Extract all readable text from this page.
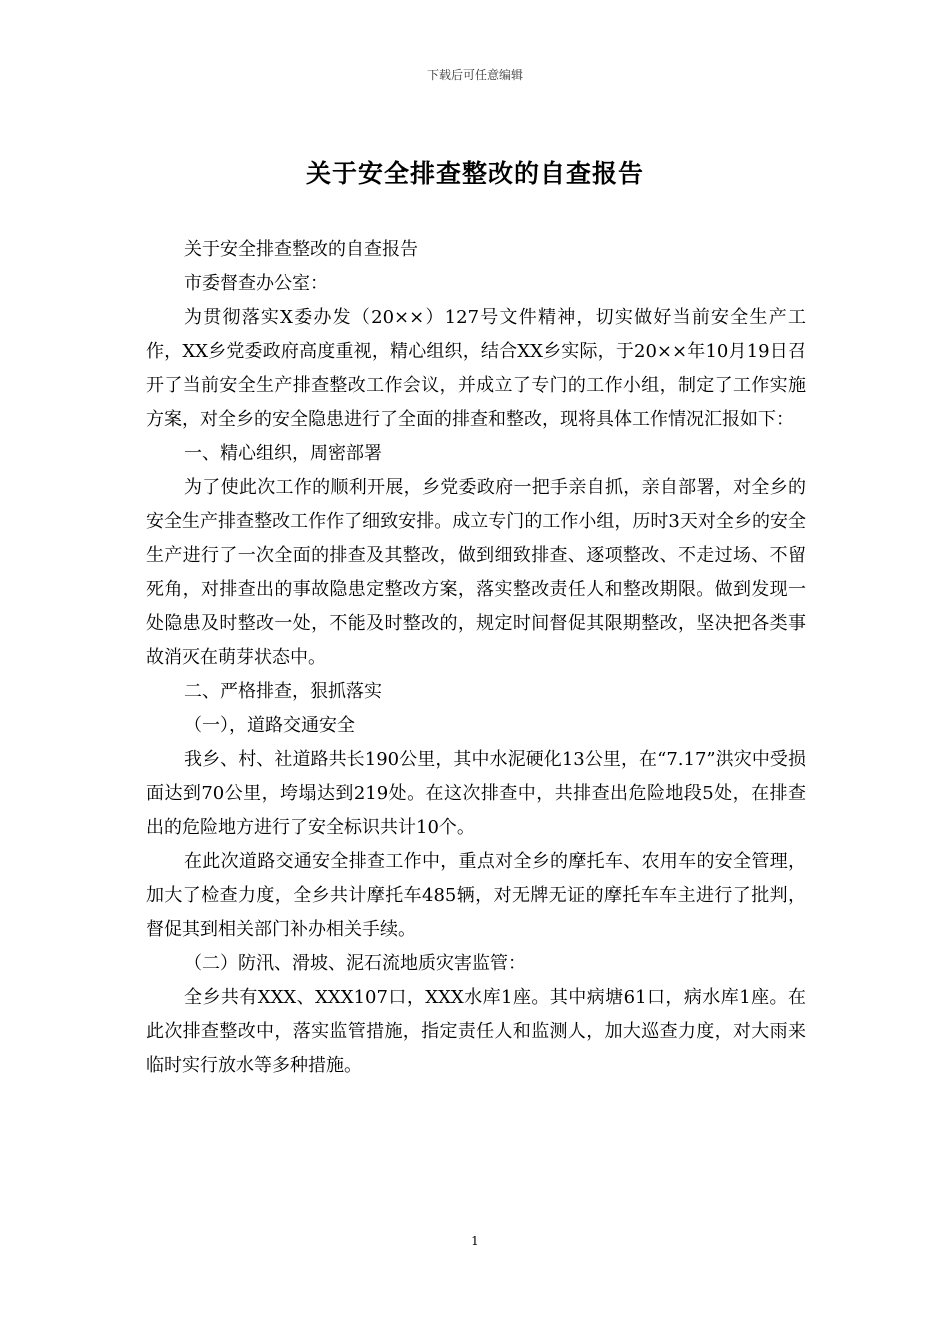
下载后可任意编辑
关于安全排查整改的自查报告

关于安全排查整改的自查报告

市委督查办公室：

为贯彻落实X委办发（20××）127号文件精神，切实做好当前安全生产工作，XX乡党委政府高度重视，精心组织，结合XX乡实际，于20××年10月19日召开了当前安全生产排查整改工作会议，并成立了专门的工作小组，制定了工作实施方案，对全乡的安全隐患进行了全面的排查和整改，现将具体工作情况汇报如下：

一、精心组织，周密部署

为了使此次工作的顺利开展，乡党委政府一把手亲自抓，亲自部署，对全乡的安全生产排查整改工作作了细致安排。成立专门的工作小组，历时3天对全乡的安全生产进行了一次全面的排查及其整改，做到细致排查、逐项整改、不走过场、不留死角，对排查出的事故隐患定整改方案，落实整改责任人和整改期限。做到发现一处隐患及时整改一处，不能及时整改的，规定时间督促其限期整改，坚决把各类事故消灭在萌芽状态中。

二、严格排查，狠抓落实

（一），道路交通安全

我乡、村、社道路共长190公里，其中水泥硬化13公里，在“7.17”洪灾中受损面达到70公里，垮塌达到219处。在这次排查中，共排查出危险地段5处，在排查出的危险地方进行了安全标识共计10个。

在此次道路交通安全排查工作中，重点对全乡的摩托车、农用车的安全管理，加大了检查力度，全乡共计摩托车485辆，对无牌无证的摩托车车主进行了批判，督促其到相关部门补办相关手续。

（二）防汛、滑坡、泥石流地质灾害监管：

全乡共有XXX、XXX107口，XXX水库1座。其中病塘61口，病水库1座。在此次排查整改中，落实监管措施，指定责任人和监测人，加大巡查力度，对大雨来临时实行放水等多种措施。

1
